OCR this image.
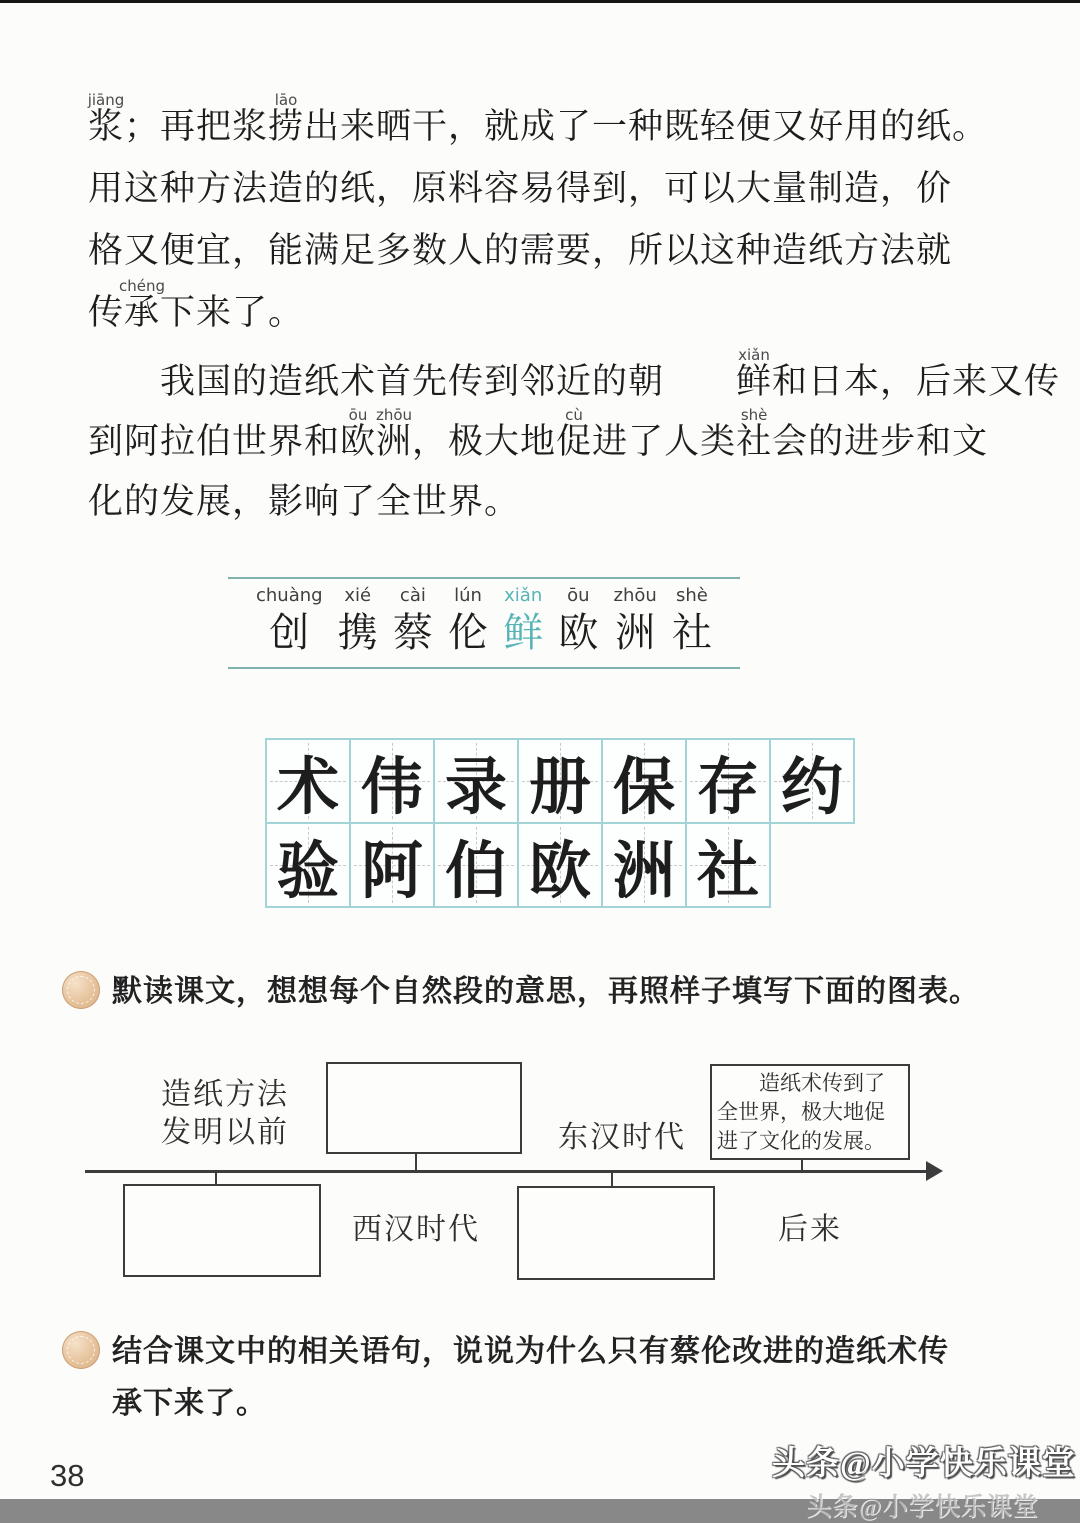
浆
jiāng
；再把浆捞
lāo
出来晒干，就成了一种既轻便又好用的纸。
用这种方法造的纸，原料容易得到，可以大量制造，价
格又便宜，能满足多数人的需要，所以这种造纸方法就
传承
chéng
下来了。
我国的造纸术首先传到邻近的朝 鲜
xiǎn
和日本，后来又传
到阿拉伯世界和欧
ōu
洲
zhōu
，极大地促
cù
进了人类社
shè
会的进步和文
化的发展，影响了全世界。
chuàng
创
xié
携
cài
蔡
lún
伦
xiǎn
鲜
ōu
欧
zhōu
洲
shè
社
术 伟 录 册 保 存 约
验 阿 伯 欧 洲 社
默读课文，想想每个自然段的意思，再照样子填写下面的图表。
造纸方法
发明以前	东汉时代
造纸术传到了
全世界，极大地促
进了文化的发展。
西汉时代	后来
结合课文中的相关语句，说说为什么只有蔡伦改进的造纸术传
承下来了。
38	头条@小学快乐课堂
头条@小学快乐课堂
